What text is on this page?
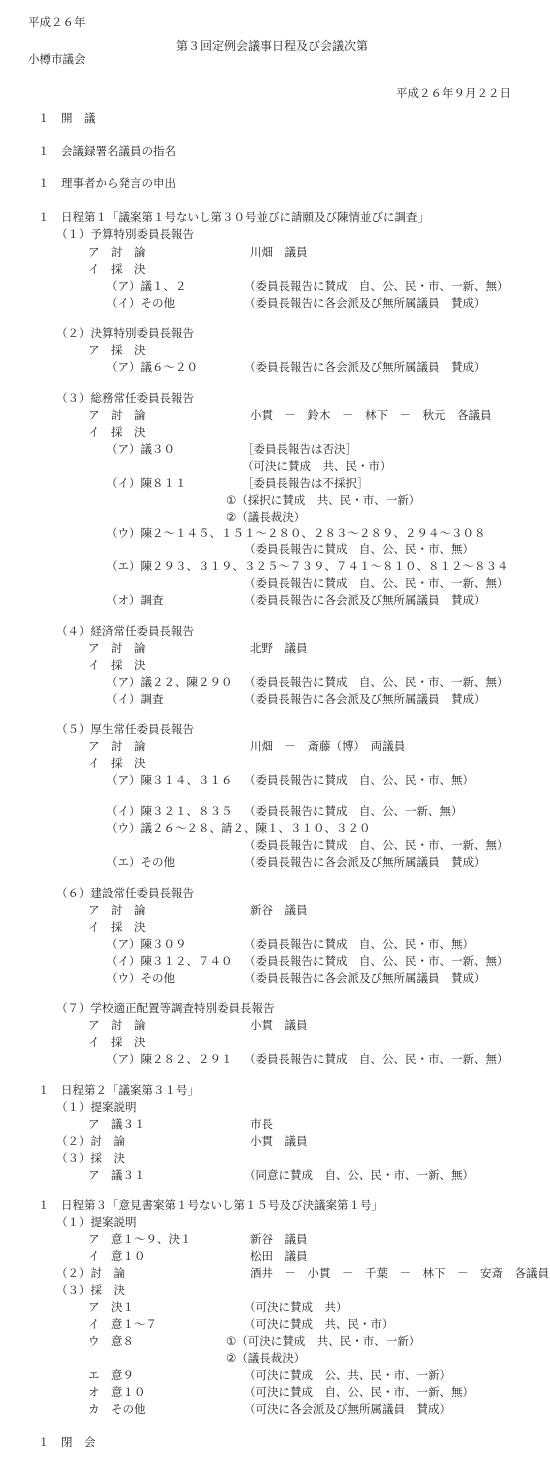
平成２６年
小樽市議会
第３回定例会議事日程及び会議次第
平成２６年９月２２日
１　開　議
１　会議録署名議員の指名
１　理事者から発言の申出
１　日程第１「議案第１号ないし第３０号並びに請願及び陳情並びに調査」
（１）予算特別委員長報告
ア　討　論	川畑　議員
イ　採　決
（ア）議１、２	（委員長報告に賛成　自、公、民・市、一新、無）
（イ）その他	（委員長報告に各会派及び無所属議員　賛成）
（２）決算特別委員長報告
ア　採　決
（ア）議６～２０	（委員長報告に各会派及び無所属議員　賛成）
（３）総務常任委員長報告
ア　討　論	小貫　－　鈴木　－　林下　－　秋元　各議員
イ　採　決
（ア）議３０	［委員長報告は否決］
（可決に賛成　共、民・市）
（イ）陳８１１	［委員長報告は不採択］
①（採択に賛成　共、民・市、一新）
②（議長裁決）
（ウ）陳２～１４５、１５１～２８０、２８３～２８９、２９４～３０８
（委員長報告に賛成　自、公、民・市、無）
（エ）陳２９３、３１９、３２５～７３９、７４１～８１０、８１２～８３４
（委員長報告に賛成　自、公、民・市、一新、無）
（オ）調査	（委員長報告に各会派及び無所属議員　賛成）
（４）経済常任委員長報告
ア　討　論	北野　議員
イ　採　決
（ア）議２２、陳２９０ （委員長報告に賛成　自、公、民・市、一新、無）
（イ）調査	（委員長報告に各会派及び無所属議員　賛成）
（５）厚生常任委員長報告
ア　討　論	川畑　－　斎藤（博）　両議員
イ　採　決
（ア）陳３１４、３１６ （委員長報告に賛成　自、公、民・市、無）
（イ）陳３２１、８３５ （委員長報告に賛成　自、公、一新、無）
（ウ）議２６～２８、請２、陳１、３１０、３２０
（委員長報告に賛成　自、公、民・市、一新、無）
（エ）その他	（委員長報告に各会派及び無所属議員　賛成）
（６）建設常任委員長報告
ア　討　論	新谷　議員
イ　採　決
（ア）陳３０９	（委員長報告に賛成　自、公、民・市、無）
（イ）陳３１２、７４０ （委員長報告に賛成　自、公、民・市、一新、無）
（ウ）その他	（委員長報告に各会派及び無所属議員　賛成）
（７）学校適正配置等調査特別委員長報告
ア　討　論	小貫　議員
イ　採　決
（ア）陳２８２、２９１ （委員長報告に賛成　自、公、民・市、一新、無）
１　日程第２「議案第３１号」
（１）提案説明
ア　議３１	市長
（２）討　論	小貫　議員
（３）採　決
ア　議３１	（同意に賛成　自、公、民・市、一新、無）
１　日程第３「意見書案第１号ないし第１５号及び決議案第１号」
（１）提案説明
ア　意１～９、決１	新谷　議員
イ　意１０	松田　議員
（２）討　論	酒井　－　小貫　－　千葉　－　林下　－　安斎　各議員
（３）採　決
ア　決１	（可決に賛成　共）
イ　意１～７	（可決に賛成　共、民・市）
ウ　意８	①（可決に賛成　共、民・市、一新）
②（議長裁決）
エ　意９	（可決に賛成　公、共、民・市、一新）
オ　意１０	（可決に賛成　自、公、民・市、一新、無）
カ　その他	（可決に各会派及び無所属議員　賛成）
１　閉　会
